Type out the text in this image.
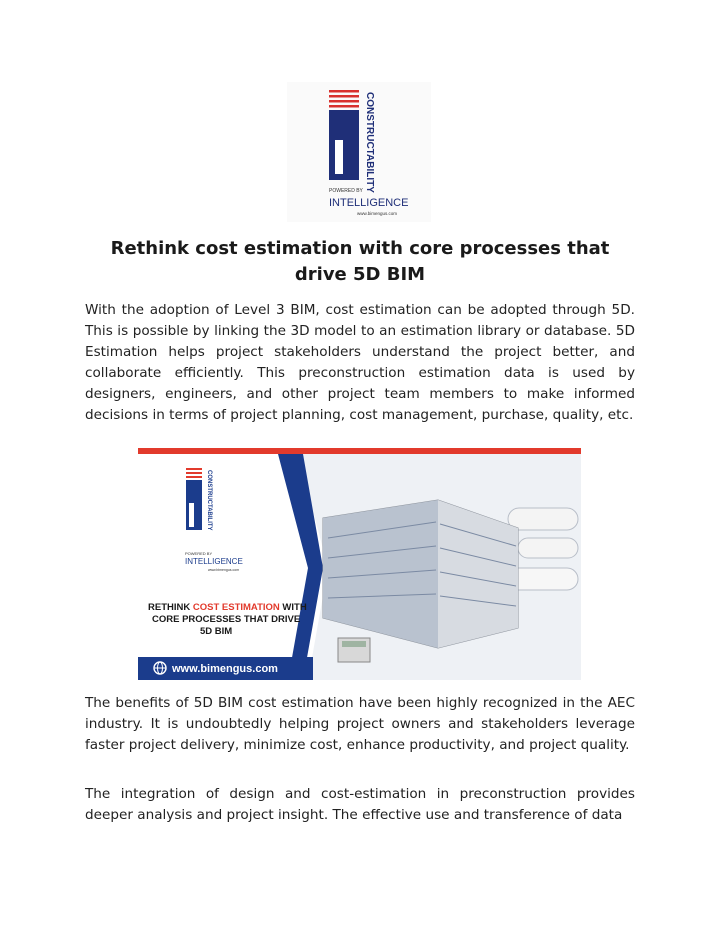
CONSTRUCTABILITY
POWERED BY
INTELLIGENCE
www.bimengus.com
Rethink cost estimation with core processes that drive 5D BIM
With the adoption of Level 3 BIM, cost estimation can be adopted through 5D. This is possible by linking the 3D model to an estimation library or database. 5D Estimation helps project stakeholders understand the project better, and collaborate efficiently. This preconstruction estimation data is used by designers, engineers, and other project team members to make informed decisions in terms of project planning, cost management, purchase, quality, etc.
CONSTRUCTABILITY
POWERED BY
INTELLIGENCE
www.bimengus.com
RETHINK COST ESTIMATION WITH
CORE PROCESSES THAT DRIVE
5D BIM
www.bimengus.com
The benefits of 5D BIM cost estimation have been highly recognized in the AEC industry. It is undoubtedly helping project owners and stakeholders leverage faster project delivery, minimize cost, enhance productivity, and project quality.
The integration of design and cost-estimation in preconstruction provides deeper analysis and project insight. The effective use and transference of data
